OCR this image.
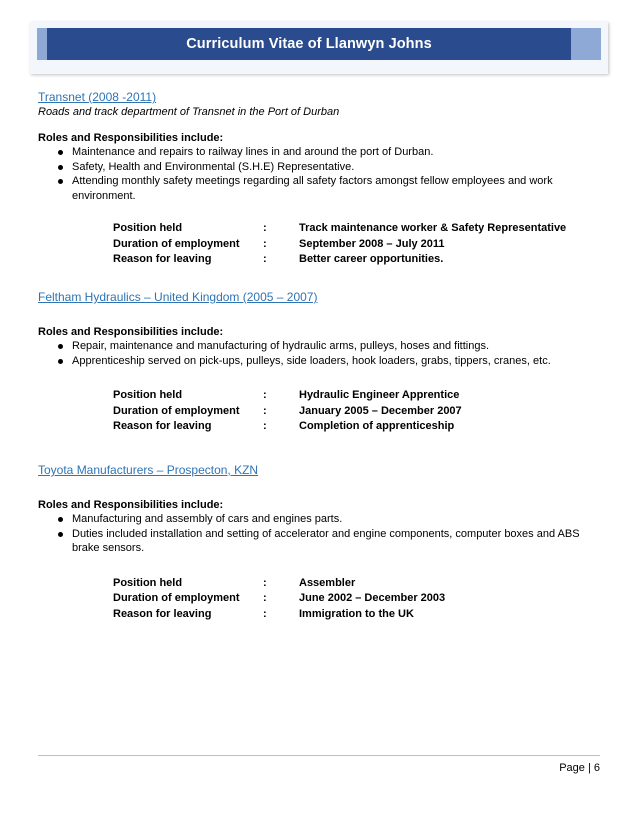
Curriculum Vitae of Llanwyn Johns
Transnet (2008 -2011)
Roads and track department of Transnet in the Port of Durban
Roles and Responsibilities include:
Maintenance and repairs to railway lines in and around the port of Durban.
Safety, Health and Environmental (S.H.E) Representative.
Attending monthly safety meetings regarding all safety factors amongst fellow employees and work environment.
Position held	:	Track maintenance worker & Safety Representative
Duration of employment	:	September 2008 – July 2011
Reason for leaving	:	Better career opportunities.
Feltham Hydraulics – United Kingdom (2005 – 2007)
Roles and Responsibilities include:
Repair, maintenance and manufacturing of hydraulic arms, pulleys, hoses and fittings.
Apprenticeship served on pick-ups, pulleys, side loaders, hook loaders, grabs, tippers, cranes, etc.
Position held	:	Hydraulic Engineer Apprentice
Duration of employment	:	January 2005 – December 2007
Reason for leaving	:	Completion of apprenticeship
Toyota Manufacturers – Prospecton, KZN
Roles and Responsibilities include:
Manufacturing and assembly of cars and engines parts.
Duties included installation and setting of accelerator and engine components, computer boxes and ABS brake sensors.
Position held	:	Assembler
Duration of employment	:	June 2002 – December 2003
Reason for leaving	:	Immigration to the UK
Page | 6
